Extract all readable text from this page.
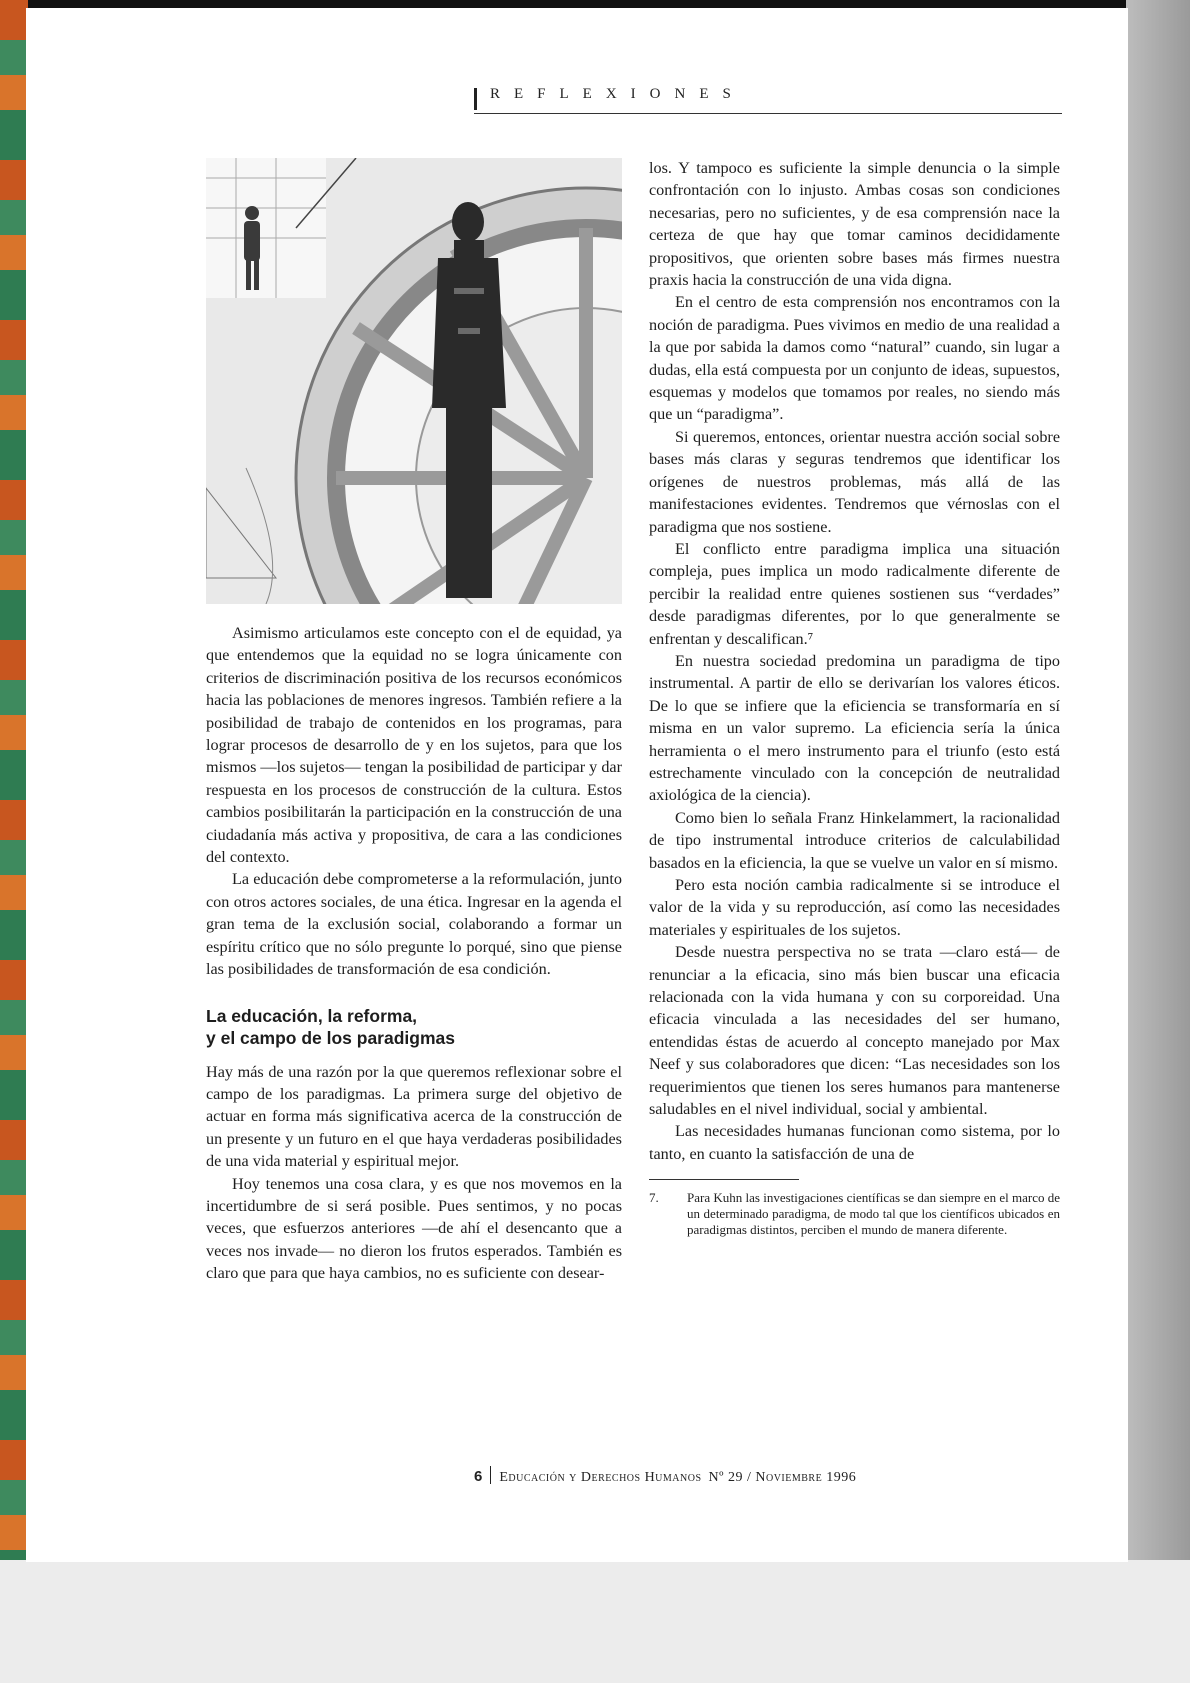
REFLEXIONES

Asimismo articulamos este concepto con el de equidad, ya que entendemos que la equidad no se logra únicamente con criterios de discriminación positiva de los recursos económicos hacia las poblaciones de menores ingresos. También refiere a la posibilidad de trabajo de contenidos en los programas, para lograr procesos de desarrollo de y en los sujetos, para que los mismos —los sujetos— tengan la posibilidad de participar y dar respuesta en los procesos de construcción de la cultura. Estos cambios posibilitarán la participación en la construcción de una ciudadanía más activa y propositiva, de cara a las condiciones del contexto.

La educación debe comprometerse a la reformulación, junto con otros actores sociales, de una ética. Ingresar en la agenda el gran tema de la exclusión social, colaborando a formar un espíritu crítico que no sólo pregunte lo porqué, sino que piense las posibilidades de transformación de esa condición.

La educación, la reforma,
y el campo de los paradigmas

Hay más de una razón por la que queremos reflexionar sobre el campo de los paradigmas. La primera surge del objetivo de actuar en forma más significativa acerca de la construcción de un presente y un futuro en el que haya verdaderas posibilidades de una vida material y espiritual mejor.

Hoy tenemos una cosa clara, y es que nos movemos en la incertidumbre de si será posible. Pues sentimos, y no pocas veces, que esfuerzos anteriores —de ahí el desencanto que a veces nos invade— no dieron los frutos esperados. También es claro que para que haya cambios, no es suficiente con desear-

los. Y tampoco es suficiente la simple denuncia o la simple confrontación con lo injusto. Ambas cosas son condiciones necesarias, pero no suficientes, y de esa comprensión nace la certeza de que hay que tomar caminos decididamente propositivos, que orienten sobre bases más firmes nuestra praxis hacia la construcción de una vida digna.

En el centro de esta comprensión nos encontramos con la noción de paradigma. Pues vivimos en medio de una realidad a la que por sabida la damos como “natural” cuando, sin lugar a dudas, ella está compuesta por un conjunto de ideas, supuestos, esquemas y modelos que tomamos por reales, no siendo más que un “paradigma”.

Si queremos, entonces, orientar nuestra acción social sobre bases más claras y seguras tendremos que identificar los orígenes de nuestros problemas, más allá de las manifestaciones evidentes. Tendremos que vérnoslas con el paradigma que nos sostiene.

El conflicto entre paradigma implica una situación compleja, pues implica un modo radicalmente diferente de percibir la realidad entre quienes sostienen sus “verdades” desde paradigmas diferentes, por lo que generalmente se enfrentan y descalifican.⁷

En nuestra sociedad predomina un paradigma de tipo instrumental. A partir de ello se derivarían los valores éticos. De lo que se infiere que la eficiencia se transformaría en sí misma en un valor supremo. La eficiencia sería la única herramienta o el mero instrumento para el triunfo (esto está estrechamente vinculado con la concepción de neutralidad axiológica de la ciencia).

Como bien lo señala Franz Hinkelammert, la racionalidad de tipo instrumental introduce criterios de calculabilidad basados en la eficiencia, la que se vuelve un valor en sí mismo.

Pero esta noción cambia radicalmente si se introduce el valor de la vida y su reproducción, así como las necesidades materiales y espirituales de los sujetos.

Desde nuestra perspectiva no se trata —claro está— de renunciar a la eficacia, sino más bien buscar una eficacia relacionada con la vida humana y con su corporeidad. Una eficacia vinculada a las necesidades del ser humano, entendidas éstas de acuerdo al concepto manejado por Max Neef y sus colaboradores que dicen: “Las necesidades son los requerimientos que tienen los seres humanos para mantenerse saludables en el nivel individual, social y ambiental.

Las necesidades humanas funcionan como sistema, por lo tanto, en cuanto la satisfacción de una de

7. Para Kuhn las investigaciones científicas se dan siempre en el marco de un determinado paradigma, de modo tal que los científicos ubicados en paradigmas distintos, perciben el mundo de manera diferente.
6 Educación y Derechos Humanos Nº 29 / Noviembre 1996
